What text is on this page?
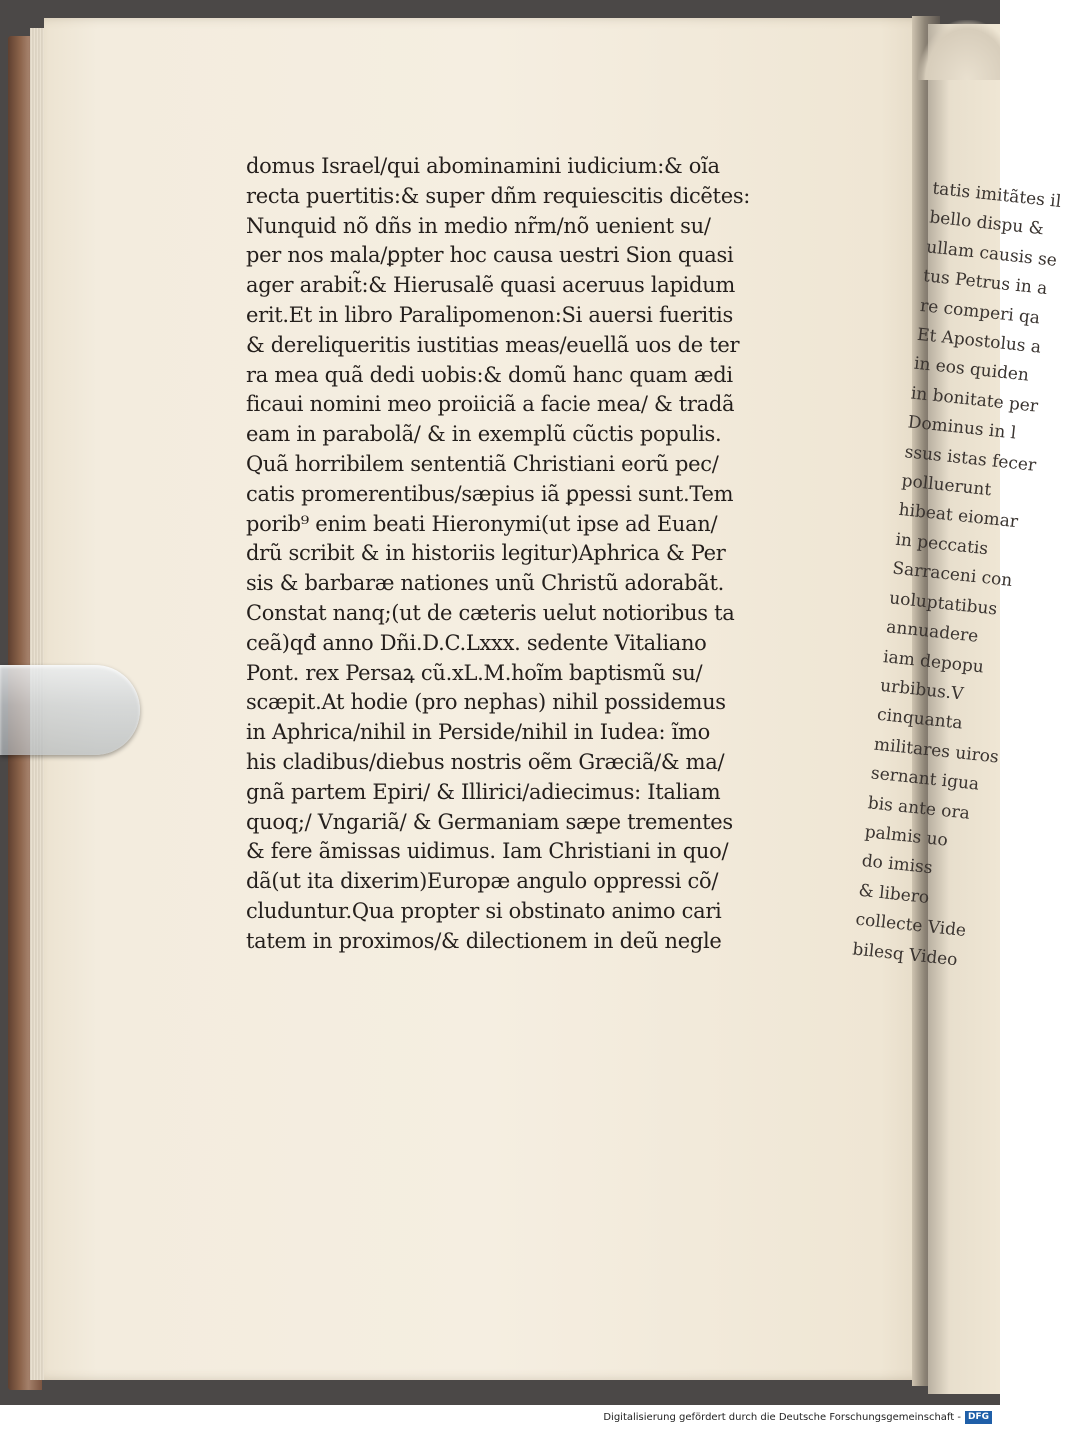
domus Israel/qui abominamini iudicium:& oĩa
recta puertitis:& super dñm requiescitis dicẽtes:
Nunquid nõ dñs in medio nr̃m/nõ uenient su/
per nos mala/ꝑpter hoc causa uestri Sion quasi
ager arabit̃:& Hierusalẽ quasi aceruus lapidum
erit.Et in libro Paralipomenon:Si auersi fueritis
& dereliqueritis iustitias meas/euellã uos de ter
ra mea quã dedi uobis:& domũ hanc quam ædi
ficaui nomini meo proiiciã a facie mea/ & tradã
eam in parabolã/ & in exemplũ cũctis populis.
Quã horribilem sententiã Christiani eorũ pec/
catis promerentibus/sæpius iã ꝑpessi sunt.Tem
porib⁹ enim beati Hieronymi(ut ipse ad Euan/
drũ scribit & in historiis legitur)Aphrica & Per
sis & barbaræ nationes unũ Christũ adorabãt.
Constat nanq;(ut de cæteris uelut notioribus ta
ceã)qđ anno Dñi.D.C.Lxxx. sedente Vitaliano
Pont. rex Persaꝝ cũ.xL.M.hoĩm baptismũ su/
scæpit.At hodie (pro nephas) nihil possidemus
in Aphrica/nihil in Perside/nihil in Iudea: ĩmo
his cladibus/diebus nostris oẽm Græciã/& ma/
gnã partem Epiri/ & Illirici/adiecimus: Italiam
quoq;/ Vngariã/ & Germaniam sæpe trementes
& fere ãmissas uidimus. Iam Christiani in quo/
dã(ut ita dixerim)Europæ angulo oppressi cõ/
cluduntur.Qua propter si obstinato animo cari
tatem in proximos/& dilectionem in deũ negle
tatis imitãtes il
bello dispu &
ullam causis se
tus Petrus in a
re comperi qa
Et Apostolus a
in eos quiden
in bonitate per
Dominus in l
ssus istas fecer
polluerunt
hibeat eiomar
in peccatis
Sarraceni con
uoluptatibus
annuadere
iam depopu
urbibus.V
cinquanta
militares uiros
sernant igua
bis ante ora
palmis uo
do imiss
& libero
collecte Vide
bilesq Video
Digitalisierung gefördert durch die Deutsche Forschungsgemeinschaft - DFG
